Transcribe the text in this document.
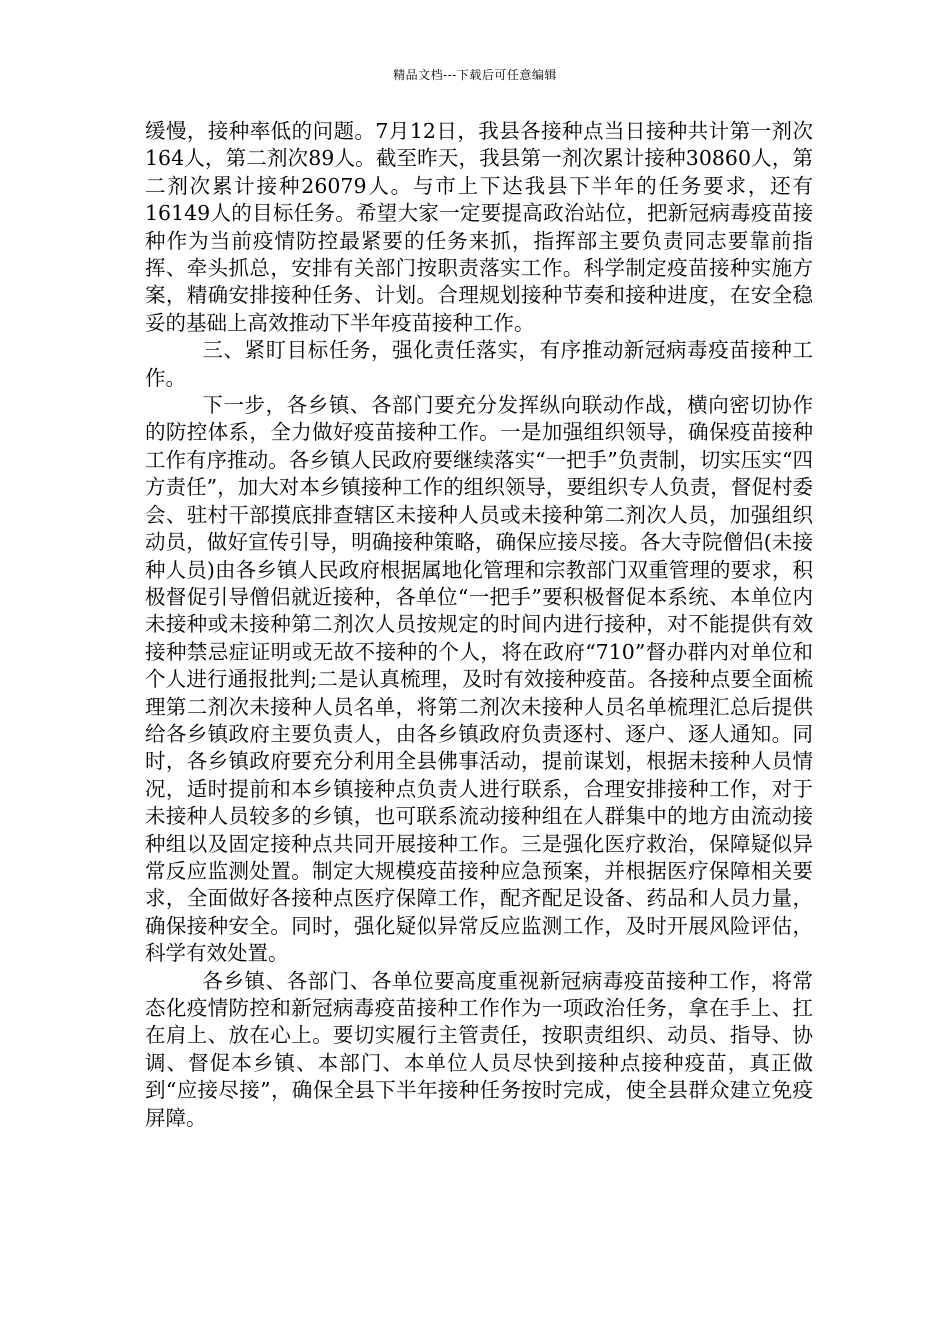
精品文档---下载后可任意编辑

缓慢，接种率低的问题。7月12日，我县各接种点当日接种共计第一剂次164人，第二剂次89人。截至昨天，我县第一剂次累计接种30860人，第二剂次累计接种26079人。与市上下达我县下半年的任务要求，还有16149人的目标任务。希望大家一定要提高政治站位，把新冠病毒疫苗接种作为当前疫情防控最紧要的任务来抓，指挥部主要负责同志要靠前指挥、牵头抓总，安排有关部门按职责落实工作。科学制定疫苗接种实施方案，精确安排接种任务、计划。合理规划接种节奏和接种进度，在安全稳妥的基础上高效推动下半年疫苗接种工作。

三、紧盯目标任务，强化责任落实，有序推动新冠病毒疫苗接种工作。

下一步，各乡镇、各部门要充分发挥纵向联动作战，横向密切协作的防控体系，全力做好疫苗接种工作。一是加强组织领导，确保疫苗接种工作有序推动。各乡镇人民政府要继续落实“一把手”负责制，切实压实“四方责任”，加大对本乡镇接种工作的组织领导，要组织专人负责，督促村委会、驻村干部摸底排查辖区未接种人员或未接种第二剂次人员，加强组织动员，做好宣传引导，明确接种策略，确保应接尽接。各大寺院僧侣(未接种人员)由各乡镇人民政府根据属地化管理和宗教部门双重管理的要求，积极督促引导僧侣就近接种，各单位“一把手”要积极督促本系统、本单位内未接种或未接种第二剂次人员按规定的时间内进行接种，对不能提供有效接种禁忌症证明或无故不接种的个人，将在政府“710”督办群内对单位和个人进行通报批判;二是认真梳理，及时有效接种疫苗。各接种点要全面梳理第二剂次未接种人员名单，将第二剂次未接种人员名单梳理汇总后提供给各乡镇政府主要负责人，由各乡镇政府负责逐村、逐户、逐人通知。同时，各乡镇政府要充分利用全县佛事活动，提前谋划，根据未接种人员情况，适时提前和本乡镇接种点负责人进行联系，合理安排接种工作，对于未接种人员较多的乡镇，也可联系流动接种组在人群集中的地方由流动接种组以及固定接种点共同开展接种工作。三是强化医疗救治，保障疑似异常反应监测处置。制定大规模疫苗接种应急预案，并根据医疗保障相关要求，全面做好各接种点医疗保障工作，配齐配足设备、药品和人员力量，确保接种安全。同时，强化疑似异常反应监测工作，及时开展风险评估，科学有效处置。

各乡镇、各部门、各单位要高度重视新冠病毒疫苗接种工作，将常态化疫情防控和新冠病毒疫苗接种工作作为一项政治任务，拿在手上、扛在肩上、放在心上。要切实履行主管责任，按职责组织、动员、指导、协调、督促本乡镇、本部门、本单位人员尽快到接种点接种疫苗，真正做到“应接尽接”，确保全县下半年接种任务按时完成，使全县群众建立免疫屏障。
